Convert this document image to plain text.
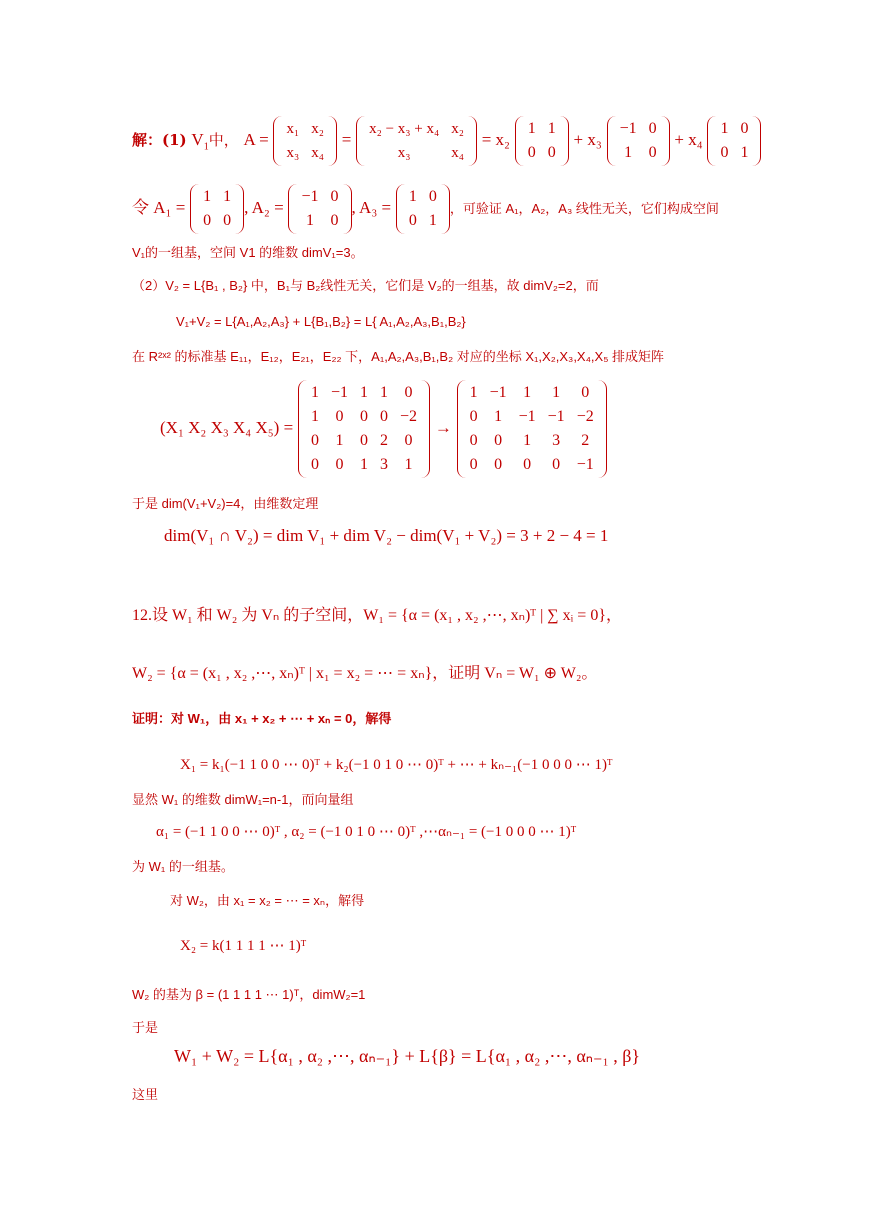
解：(1) $V_1$中， A =
x₁	x₂
x₃	x₄
=
x₂ − x₃ + x₄	x₂
x₃	x₄
= x₂
1	1
0	0
+ x₃
−1	0
1	0
+ x₄
1	0
0	1
令 A₁ =
1	1
0	0
, A₂ =
−1	0
1	0
, A₃ =
1	0
0	1
，可验证 A₁，A₂，A₃ 线性无关，它们构成空间
V₁的一组基，空间 V1 的维数 dimV₁=3。
（2）V₂ = L{B₁ , B₂} 中，B₁与 B₂线性无关，它们是 V₂的一组基，故 dimV₂=2，而
V₁+V₂ = L{A₁,A₂,A₃} + L{B₁,B₂} = L{ A₁,A₂,A₃,B₁,B₂}
在 R²ˣ² 的标准基 E₁₁，E₁₂，E₂₁，E₂₂ 下，A₁,A₂,A₃,B₁,B₂ 对应的坐标 X₁,X₂,X₃,X₄,X₅ 排成矩阵
(X₁ X₂ X₃ X₄ X₅) =
1	−1	1	1	0
1	0	0	0	−2
0	1	0	2	0
0	0	1	3	1
→
1	−1	1	1	0
0	1	−1	−1	−2
0	0	1	3	2
0	0	0	0	−1
于是 dim(V₁+V₂)=4，由维数定理
dim(V₁ ∩ V₂) = dim V₁ + dim V₂ − dim(V₁ + V₂) = 3 + 2 − 4 = 1
12.设 W₁ 和 W₂ 为 Vₙ 的子空间，W₁ = {α = (x₁ , x₂ ,⋯, xₙ)ᵀ | ∑ xᵢ = 0}，
W₂ = {α = (x₁ , x₂ ,⋯, xₙ)ᵀ | x₁ = x₂ = ⋯ = xₙ}，证明 Vₙ = W₁ ⊕ W₂。
证明：对 W₁，由 x₁ + x₂ + ⋯ + xₙ = 0，解得
X₁ = k₁(−1 1 0 0 ⋯ 0)ᵀ + k₂(−1 0 1 0 ⋯ 0)ᵀ + ⋯ + kₙ₋₁(−1 0 0 0 ⋯ 1)ᵀ
显然 W₁ 的维数 dimW₁=n-1，而向量组
α₁ = (−1 1 0 0 ⋯ 0)ᵀ , α₂ = (−1 0 1 0 ⋯ 0)ᵀ ,⋯αₙ₋₁ = (−1 0 0 0 ⋯ 1)ᵀ
为 W₁ 的一组基。
对 W₂，由 x₁ = x₂ = ⋯ = xₙ，解得
X₂ = k(1 1 1 1 ⋯ 1)ᵀ
W₂ 的基为 β = (1 1 1 1 ⋯ 1)ᵀ，dimW₂=1
于是
W₁ + W₂ = L{α₁ , α₂ ,⋯, αₙ₋₁} + L{β} = L{α₁ , α₂ ,⋯, αₙ₋₁ , β}
这里
